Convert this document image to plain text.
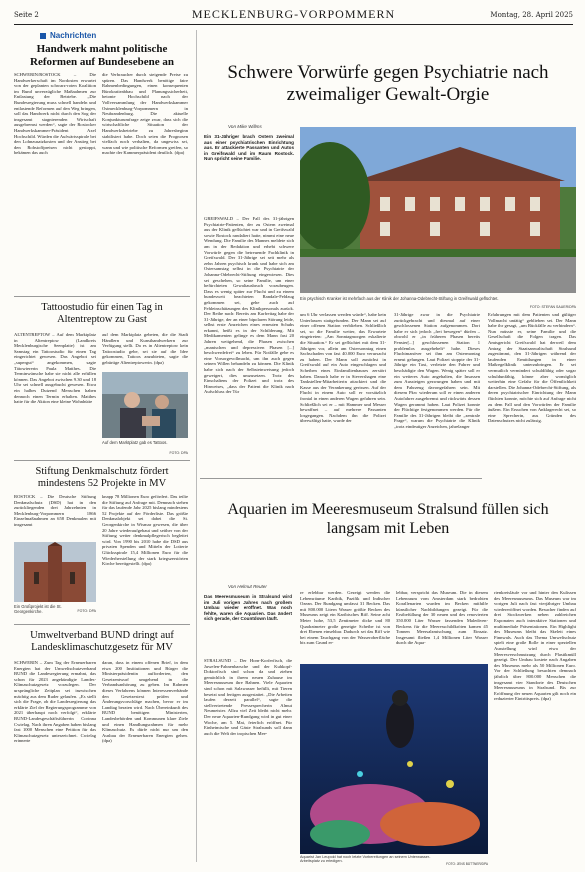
Seite 2	MECKLENBURG-VORPOMMERN	Montag, 28. April 2025
Nachrichten
Handwerk mahnt politische Reformen auf Bundesebene an
SCHWERIN/ROSTOCK – Die Handwerkerschaft im Nordosten erwartet von der geplanten schwarz-roten Koalition im Bund unverzügliche Maßnahmen zur Entlastung der Betriebe. „Die Bundesregierung muss schnell handeln und entlastende Reformen auf den Weg bringen, soll das Handwerk nicht durch den Sog der insgesamt stagnierenden Wirtschaft ausgebremst werden“, sagte der Rostocker Handwerkskammer-Präsident Axel Hochschild. Würden die Aufwärtsspirale bei den Lohnzusatzkosten und der Anstieg bei den Rohstoffpreisen nicht gestoppt, bekämen das auch
die Verbraucher durch steigende Preise zu spüren. Das Handwerk benötige faire Rahmenbedingungen, einen konsequenten Bürokratieabbau und Planungssicherheit, betonte Hochschild nach der Vollversammlung der Handwerkskammer Ostmecklenburg-Vorpommern in Neubrandenburg. Die aktuelle Konjunkturumfrage zeige zwar, dass sich die wirtschaftliche Situation der Handwerksbetriebe zu Jahresbeginn stabilisiert habe. Doch seien die Prognosen vielfach noch verhalten, da ungewiss sei, wann und wie politische Reformen greifen, so machte der Kammerpräsident deutlich. (dpa)
Tattoostudio für einen Tag in Altentreptow zu Gast
ALTENTREPTOW – Auf dem Marktplatz in Altentreptow (Landkreis Mecklenburgische Seenplatte) ist am Samstag ein Tattoostudio für einen Tag eingerichtet gewesen. Das Angebot sei „supergut“ angekommen, sagte Tätowiererin Paula Matthes. Die Terminwünsche habe sie nicht alle erfüllen können. Das Angebot zwischen 9.30 und 18 Uhr sei schnell ausgebucht gewesen. Etwa ein halbes Dutzend Menschen haben dennoch einen Termin erhalten. Matthes hatte für die Aktion eine kleine Wohnhütte
auf dem Marktplatz gebeten, die die Stadt Händlern und Kunsthandwerkern zur Verfügung stellt. Da es in Altentreptow kein Tattoostudio gebe, sei sie auf die Idee gekommen, Tattoos anzubieten, sagte die gebürtige Altentreptowerin. (dpa)
Auf dem Marktplatz gab es Tattoos.
FOTO: DPA
Stiftung Denkmalschutz fördert mindestens 52 Projekte in MV
ROSTOCK – Die Deutsche Stiftung Denkmalschutz (DSD) hat in den zurückliegenden drei Jahrzehnten in Mecklenburg-Vorpommern 1866 Einzelmaßnahmen an 658 Denkmalen mit insgesamt
Ein Großprojekt ist die St. Georgenkirche.	FOTO: DPA
knapp 78 Millionen Euro gefördert. Das teilte die Stiftung auf Anfrage mit. Demnach stehen für das laufende Jahr 2025 bislang mindestens 52 Projekte auf der Förderliste. Das größte Denkmalobjekt sei dabei die St. Georgenkirche in Wismar gewesen, die über 20 Jahre wiederaufgebaut und seither von der Stiftung weiter denkmalpflegerisch begleitet wird. Von 1990 bis 2010 habe die DSD aus privaten Spenden und Mitteln der Lotterie Glücksspirale 15,4 Millionen Euro für die Wiederherstellung der stark kriegszerstörten Kirche bereitgestellt. (dpa)
Umweltverband BUND dringt auf Landesklimaschutzgesetz für MV
SCHWERIN – Zum Tag der Erneuerbaren Energien hat der Umweltschutzverband BUND die Landesregierung ermahnt, das schon für 2023 angekündigte Landes-Klimaschutzgesetz vorzulegen. Der ursprüngliche Zeitplan sei inzwischen mächtig aus dem Ruder gelaufen. „Es stellt sich die Frage, ob die Landesregierung das erklärte Ziel der Regierungsprogramme von 2021 überhaupt noch verfolgt“, erklärte BUND-Landesgeschäftsführerin Corinna Cwielag. Nach ihren Angaben haben bislang fast 1000 Menschen eine Petition für das Klimaschutzgesetz unterzeichnet. Cwielag erinnerte
daran, dass in einem offenen Brief, in dem etwa 200 Institutionen und Bürger die Ministerpräsidentin aufforderten, den Gesetzentwurf umgehend in die Verbandsanhörung zu geben. Im Rahmen dieses Verfahrens können Interessenverbände den Gesetzestext prüfen und Änderungsvorschläge machen, bevor er im Landtag beraten wird. Nach Übereinkunft des BUND benötigen Ministerien, Landesbehörden und Kommunen klare Ziele und einen Handlungsrahmen für mehr Klimaschutz. Es dürfe nicht nur um den Ausbau der Erneuerbaren Energien gehen. (dpa)
Schwere Vorwürfe gegen Psychiatrie nach zweimaliger Gewalt-Orgie
Von Mike Willms
Ein 31-Jähriger brach Ostern zweimal aus einer psychiatrischen Einrichtung aus. Er attackierte Passanten und Autos in Greifswald und im Raum Rostock. Nun spricht seine Familie.
GREIFSWALD – Der Fall des 31-jährigen Psychiatrie-Patienten, der zu Ostern zweimal aus der Klinik geflüchtet war und in Greifswald sowie Rostock randaliert hatte, nimmt eine neue Wendung. Die Familie des Mannes meldete sich am in der Redaktion und erhebt schwere Vorwürfe gegen die betreuende Fachklinik in Greifswald. Der 31-Jährige sei seit mehr als zehn Jahren psychisch krank und habe sich am Ostersamstag selbst in die Psychiatrie der Johanna-Odebrecht-Stiftung eingewiesen. Dies sei geschehen, so seine Familie, um einer befürchteten Gewaltausbruch vorzubeugen. Dass es wenig später zur Flucht und zu einem bundesweit beachteten Randale-Feldzug gekommen sei, gehe auch auf Fehleinschätzungen des Klinikpersonals zurück. Der Reihe nach: Bereits am Karfreitag habe der 31-Jährige, der an einer bipolaren Störung leide, selbst erste Anzeichen eines erneuten Schubs erkannt, heißt es in der Schilderung. Mit Medikamenten gelinge es dem Mann fast 20 Jahren weitgehend, die Phasen zwischen „manischen und depressiven Phasen [...] beschwerdefrei“ zu leben. Für Notfälle gebe es eine Vorsorgevollmacht, um ihn auch gegen seinen Willen behandeln zu können. Die Klinik habe sich nach der Selbsteinweisung jedoch geweigert, dies umzusetzen. Trotz des Einschaltens der Polizei und trotz des Hinweises, „dass der Patient die Klinik nach Aufschluss der Tür
Ein psychisch Kranker ist mehrfach aus der Klinik der Johanna-Odebrecht-Stiftung in Greifswald geflüchtet.
FOTO: STEFAN SAUER/DPA
um 6 Uhr verlassen werden würde“, habe kein Unterlassen stattgefunden. Der Mann sei auf einer offenen Station verblieben. Schließlich sei, so die Familie weiter, das Erwartete eingetreten: „Am Sonntagmorgen eskalierte die Situation.“ Er sei geflüchtet mit dem 31-Jährigen vor, allein am Ostersonntag einen Sachschaden von fast 40.000 Euro verursacht zu haben. Der Mann soll zunächst in Greifswald auf ein Auto eingeschlagen und Scheiben eines Einfamilienhauses zerstört haben. Danach habe er in Sievershagen eine Tankstellen-Mitarbeiterin attackiert und die Kasse aus der Verankerung gerissen. Auf der Flucht in einem Auto soll er vorsätzlich frontal in einen anderen Wagen gefahren sein. Schließlich sei er – mit Hammer und Messer bewaffnet – auf mehrere Passanten losgegangen. Nachdem ihn die Polizei überwältigt hatte, wurde der
31-Jährige zwar in die Psychiatrie zurückgebracht und diesmal auf einer geschlossenen Station aufgenommen. Dort habe er sich jedoch „frei bewegen“ dürfen – obwohl er „in früheren Phasen bereits Fenster[...] geschlossenen Station 1 problemlos ausgehebelt“ habe. Dieses Fluchtmanöver sei ihm am Ostermontag erneut gelungen. Laut Polizei stoppte der 31-Jährige ein Taxi, verletzte den Fahrer und beschädigte den Wagen. Wenig später soll er ein weiteres Auto angehalten, die Insassen zum Aussteigen gezwungen haben und mit dem Fahrzeug davongefahren sein. Mit diesem Pkw wiederum soll er einen anderen Autofahrer ausgebremst und rückwärts dessen Wagen gerammt haben. Laut Polizei konnte der Flüchtige festgenommen werden. Für die Familie des 31-Jährigen bleibt die „zentrale Frage“, warum die Psychiatrie die Klinik „trotz eindeutiger Anzeichen, jahrelanger
Erfahrungen mit dem Patienten und gültiger Vollmacht untätig“ geblieben sei. Der Mann habe ihr gesagt, „um Rückfälle zu verhindern“. Nun müsste er, seine Familie und die Gesellschaft die Folgen tragen. Das Amtsgericht Greifswald hat derweil dem Antrag der Staatsanwaltschaft Stralsund zugestimmt, den 31-Jährigen während der laufenden Ermittlungen in einer Maßregelklinik unterzubringen. Er sei vermutlich vermindert schuldfähig oder sogar schuldunfähig, könne aber womöglich weiterhin eine Gefahr für die Öffentlichkeit darstellen. Die Johanna-Odebrecht-Stiftung, als deren psychiatrischer Einrichtung der Mann flüchten konnte, möchte sich auf Anfrage nicht zu dem Fall und den Vorwürfen der Familie äußern. Ein Ersuchen von Anklagerecht sei, so eine Sprecherin, aus Gründen des Datenschutzes nicht zulässig.
Aquarien im Meeresmuseum Stralsund füllen sich langsam mit Leben
Von Helmut Reuter
Das Meeresmuseum in Stralsund wird im Juli vorigen Jahres nach großem Umbau wieder eröffnet. Was noch fehlte, waren die Aquarien. Das ändert sich gerade, der Countdown läuft.
STRALSUND – Der Horn-Korferfisch, die Juwelen-Fahnenbarsche und der Kuhkopf-Doktorfisch sind schon da und ziehen gemächlich in ihrem neuen Zuhause im Meeresmuseum ihre Bahnen. Viele Aquarien sind schon mit Salzwasser befüllt, mit Tieren besetzt und fertigen ausgestattet. „Die Arbeiten laufen derzeit parallel“, sagte die stellvertretende Pressesprecherin Almut Neumeister. Allzu viel Zeit bleibt nicht mehr. Der neue Aquarien-Rundgang wird in gut einer Woche, am 5. Mai, feierlich eröffnet. Für Einheimische und Gäste Stralsunds soll dann auch die Welt der tropischen Mee-
re erlebbar werden. Gezeigt werden die Lebensräume Karibik, Pazifik und Indischer Ozean. Der Rundgang umfasst 31 Becken. Das mit 800.000 Litern Wasser größte Becken des Museums zeigt ein Karibisches Riff. Seine acht Meter hohe, 53,5 Zentimeter dicke und 80 Quadratmeter große geneigte Scheibe ist von drei Ebenen einsehbar. Dadurch sei das Riff wie bei einem Tauchgang von der Wasseroberfläche bis zum Grund er-
lebbar, verspricht das Museum. Die in diesem Lebenraum vom Amsterdam stark bedrohten Korallenarten wurden im Becken mithilfe künstlicher Nachbildungen gezeigt. Für die Erstbefüllung der 30 neuen und des renovierten 350.000 Liter Wasser fassenden Malediven-Beckens für die Meeresschildkröten kamen 45 Tonnen Meersalzmischung zum Einsatz. Insgesamt fließen 1,4 Millionen Liter Wasser durch die Aqua-
rienkreisläufe vor und hinter den Kulissen des Meeresmuseums. Das Museum war im vorigen Juli nach fast vierjähriger Umbau wiedereröffnet worden. Besucher finden auf drei Stockwerken neben zahlreichen Exponaten auch interaktive Stationen und multimediale Präsentationen. Ein Highlight des Museums bleibt das Skelett eines Finnwals. Auch das Thema Umweltschutz spielt eine große Rolle in einer speziellen Ausstellung wird etwa der Meeresverschmutzung durch Plastikmüll gezeigt. Der Umbau kostete nach Angaben des Museums mehr als 50 Millionen Euro. Vor der Schließung besuchten demnach jährlich über 800.000 Menschen die insgesamt vier Standorte des Deutschen Meeresmuseums in Stralsund. Bis zur Eröffnung der neuen Aquarien gilt noch ein reduzierter Eintrittspreis. (dpa)
Aquarist Jan Leupold hat noch letzte Vorbereitungen an seinem Unterwasser-Arbeitsplatz zu erledigen.
FOTO: JENS BÜTTNER/DPA
